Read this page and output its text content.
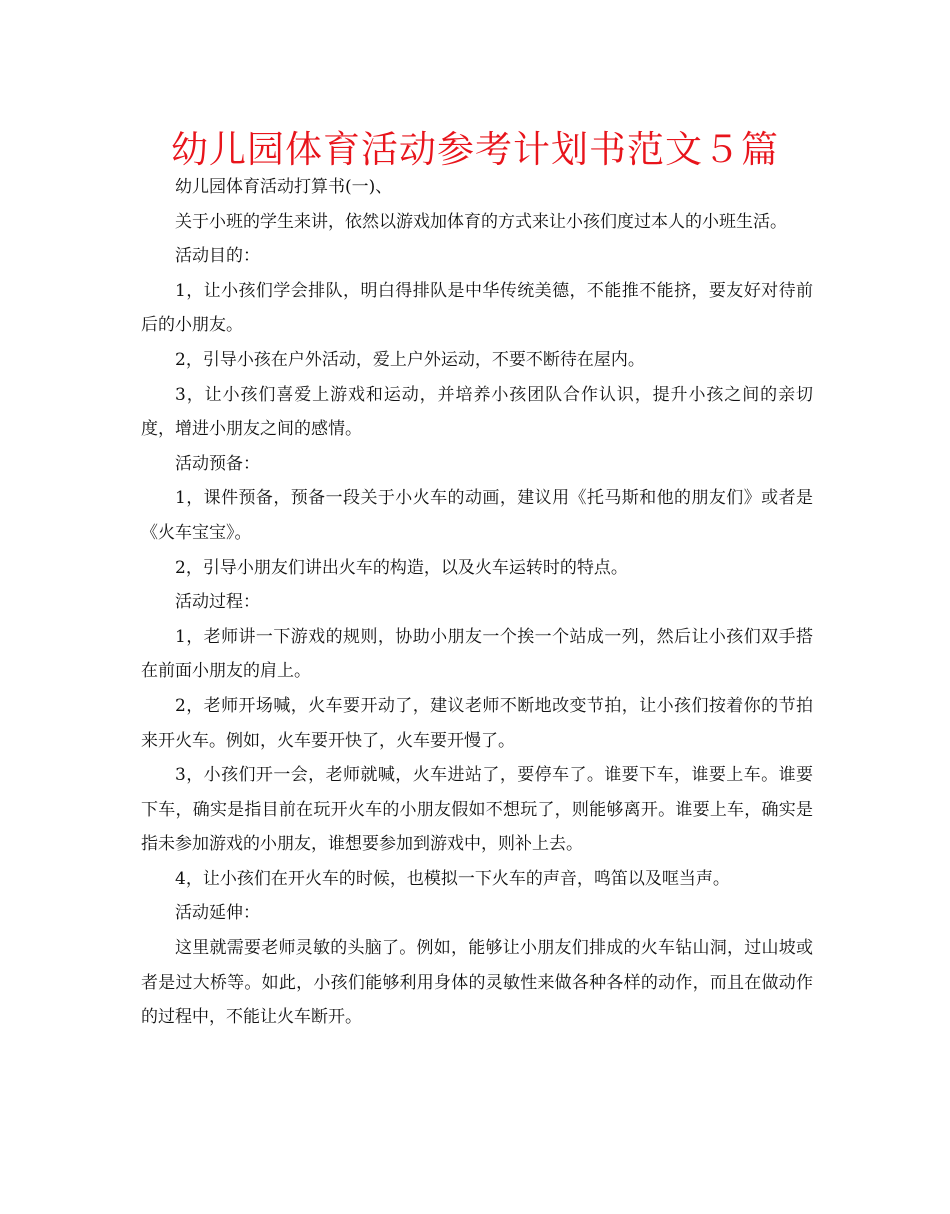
幼儿园体育活动参考计划书范文５篇

幼儿园体育活动打算书(一)、

关于小班的学生来讲，依然以游戏加体育的方式来让小孩们度过本人的小班生活。

活动目的：

1，让小孩们学会排队，明白得排队是中华传统美德，不能推不能挤，要友好对待前后的小朋友。

2，引导小孩在户外活动，爱上户外运动，不要不断待在屋内。

3，让小孩们喜爱上游戏和运动，并培养小孩团队合作认识，提升小孩之间的亲切度，增进小朋友之间的感情。

活动预备：

1，课件预备，预备一段关于小火车的动画，建议用《托马斯和他的朋友们》或者是《火车宝宝》。

2，引导小朋友们讲出火车的构造，以及火车运转时的特点。

活动过程：

1，老师讲一下游戏的规则，协助小朋友一个挨一个站成一列，然后让小孩们双手搭在前面小朋友的肩上。

2，老师开场喊，火车要开动了，建议老师不断地改变节拍，让小孩们按着你的节拍来开火车。例如，火车要开快了，火车要开慢了。

3，小孩们开一会，老师就喊，火车进站了，要停车了。谁要下车，谁要上车。谁要下车，确实是指目前在玩开火车的小朋友假如不想玩了，则能够离开。谁要上车，确实是指未参加游戏的小朋友，谁想要参加到游戏中，则补上去。

4，让小孩们在开火车的时候，也模拟一下火车的声音，鸣笛以及哐当声。

活动延伸：

这里就需要老师灵敏的头脑了。例如，能够让小朋友们排成的火车钻山洞，过山坡或者是过大桥等。如此，小孩们能够利用身体的灵敏性来做各种各样的动作，而且在做动作的过程中，不能让火车断开。
